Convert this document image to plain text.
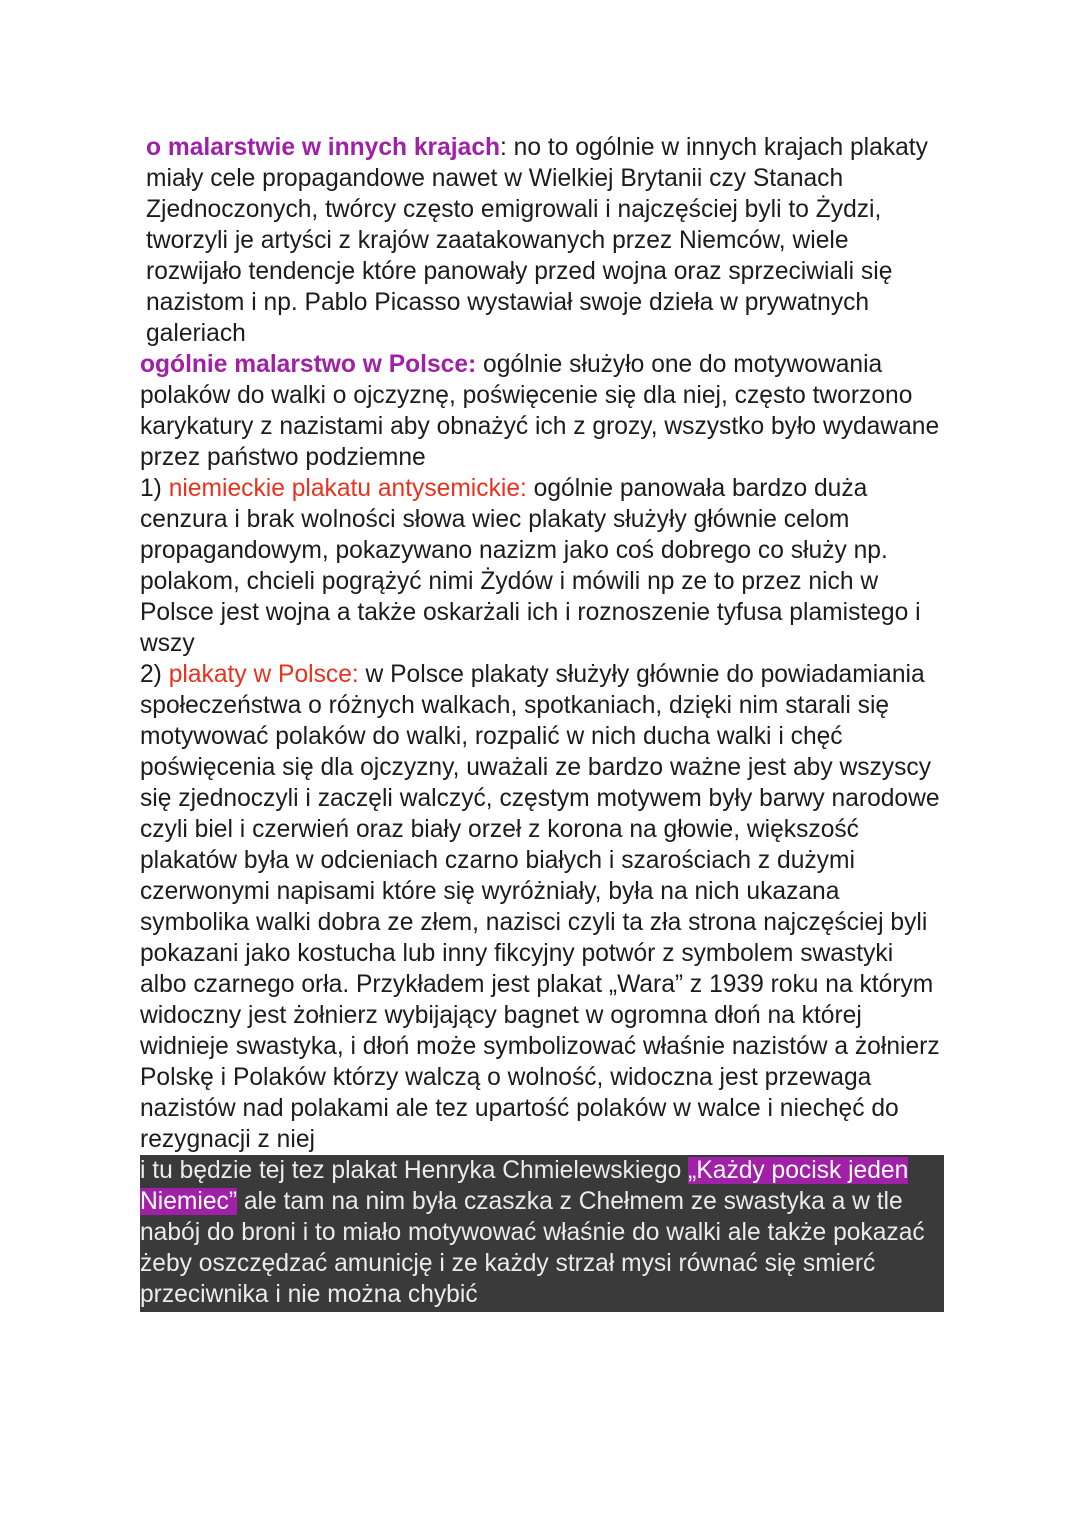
o malarstwie w innych krajach: no to ogólnie w innych krajach plakaty miały cele propagandowe nawet w Wielkiej Brytanii czy Stanach Zjednoczonych, twórcy często emigrowali i najczęściej byli to Żydzi, tworzyli je artyści z krajów zaatakowanych przez Niemców, wiele rozwijało tendencje które panowały przed wojna oraz sprzeciwiali się nazistom i np. Pablo Picasso wystawiał swoje dzieła w prywatnych galeriach

ogólnie malarstwo w Polsce: ogólnie służyło one do motywowania polaków do walki o ojczyznę, poświęcenie się dla niej, często tworzono karykatury z nazistami aby obnażyć ich z grozy, wszystko było wydawane przez państwo podziemne

1) niemieckie plakatu antysemickie: ogólnie panowała bardzo duża cenzura i brak wolności słowa wiec plakaty służyły głównie celom propagandowym, pokazywano nazizm jako coś dobrego co służy np. polakom, chcieli pogrążyć nimi Żydów i mówili np ze to przez nich w Polsce jest wojna a także oskarżali ich i roznoszenie tyfusa plamistego i wszy

2) plakaty w Polsce: w Polsce plakaty służyły głównie do powiadamiania społeczeństwa o różnych walkach, spotkaniach, dzięki nim starali się motywować polaków do walki, rozpalić w nich ducha walki i chęć poświęcenia się dla ojczyzny, uważali ze bardzo ważne jest aby wszyscy się zjednoczyli i zaczęli walczyć, częstym motywem były barwy narodowe czyli biel i czerwień oraz biały orzeł z korona na głowie, większość plakatów była w odcieniach czarno białych i szarościach z dużymi czerwonymi napisami które się wyróżniały, była na nich ukazana symbolika walki dobra ze złem, nazisci czyli ta zła strona najczęściej byli pokazani jako kostucha lub inny fikcyjny potwór z symbolem swastyki albo czarnego orła. Przykładem jest plakat „Wara” z 1939 roku na którym widoczny jest żołnierz wybijający bagnet w ogromna dłoń na której widnieje swastyka, i dłoń może symbolizować właśnie nazistów a żołnierz Polskę i Polaków którzy walczą o wolność, widoczna jest przewaga nazistów nad polakami ale tez upartość polaków w walce i niechęć do rezygnacji z niej

i tu będzie tej tez plakat Henryka Chmielewskiego „Każdy pocisk jeden Niemiec” ale tam na nim była czaszka z Chełmem ze swastyka a w tle nabój do broni i to miało motywować właśnie do walki ale także pokazać żeby oszczędzać amunicję i ze każdy strzał mysi równać się smierć przeciwnika i nie można chybić
